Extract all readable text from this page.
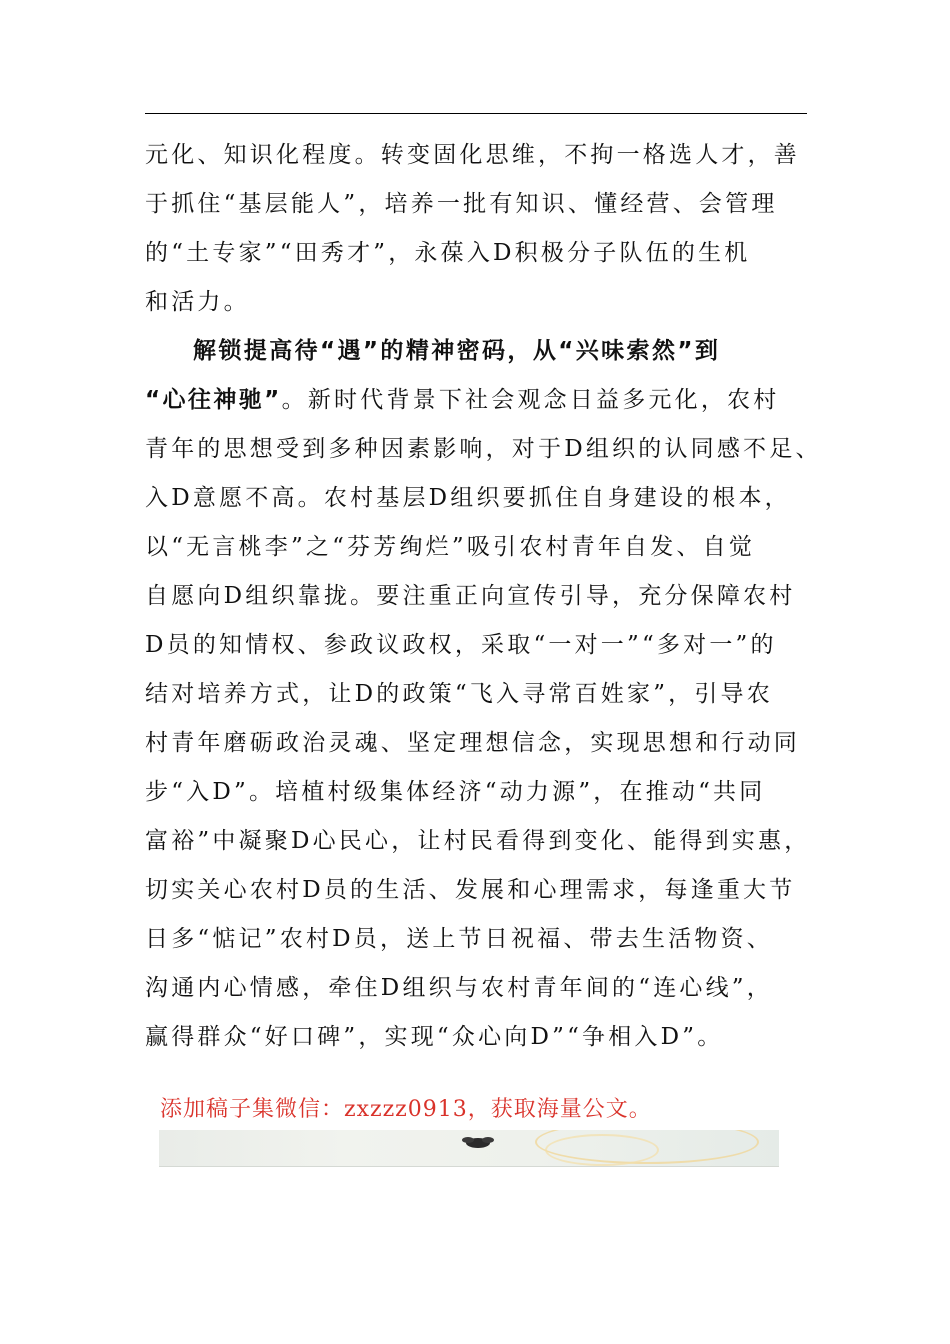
元化、知识化程度。转变固化思维，不拘一格选人才，善
于抓住“基层能人”，培养一批有知识、懂经营、会管理
的“土专家”“田秀才”，永葆入D积极分子队伍的生机
和活力。
解锁提高待“遇”的精神密码，从“兴味索然”到
“心往神驰”。新时代背景下社会观念日益多元化，农村
青年的思想受到多种因素影响，对于D组织的认同感不足、
入D意愿不高。农村基层D组织要抓住自身建设的根本，
以“无言桃李”之“芬芳绚烂”吸引农村青年自发、自觉
自愿向D组织靠拢。要注重正向宣传引导，充分保障农村
D员的知情权、参政议政权，采取“一对一”“多对一”的
结对培养方式，让D的政策“飞入寻常百姓家”，引导农
村青年磨砺政治灵魂、坚定理想信念，实现思想和行动同
步“入D”。培植村级集体经济“动力源”，在推动“共同
富裕”中凝聚D心民心，让村民看得到变化、能得到实惠，
切实关心农村D员的生活、发展和心理需求，每逢重大节
日多“惦记”农村D员，送上节日祝福、带去生活物资、
沟通内心情感，牵住D组织与农村青年间的“连心线”，
赢得群众“好口碑”，实现“众心向D”“争相入D”。
添加稿子集微信：zxzzz0913，获取海量公文。
